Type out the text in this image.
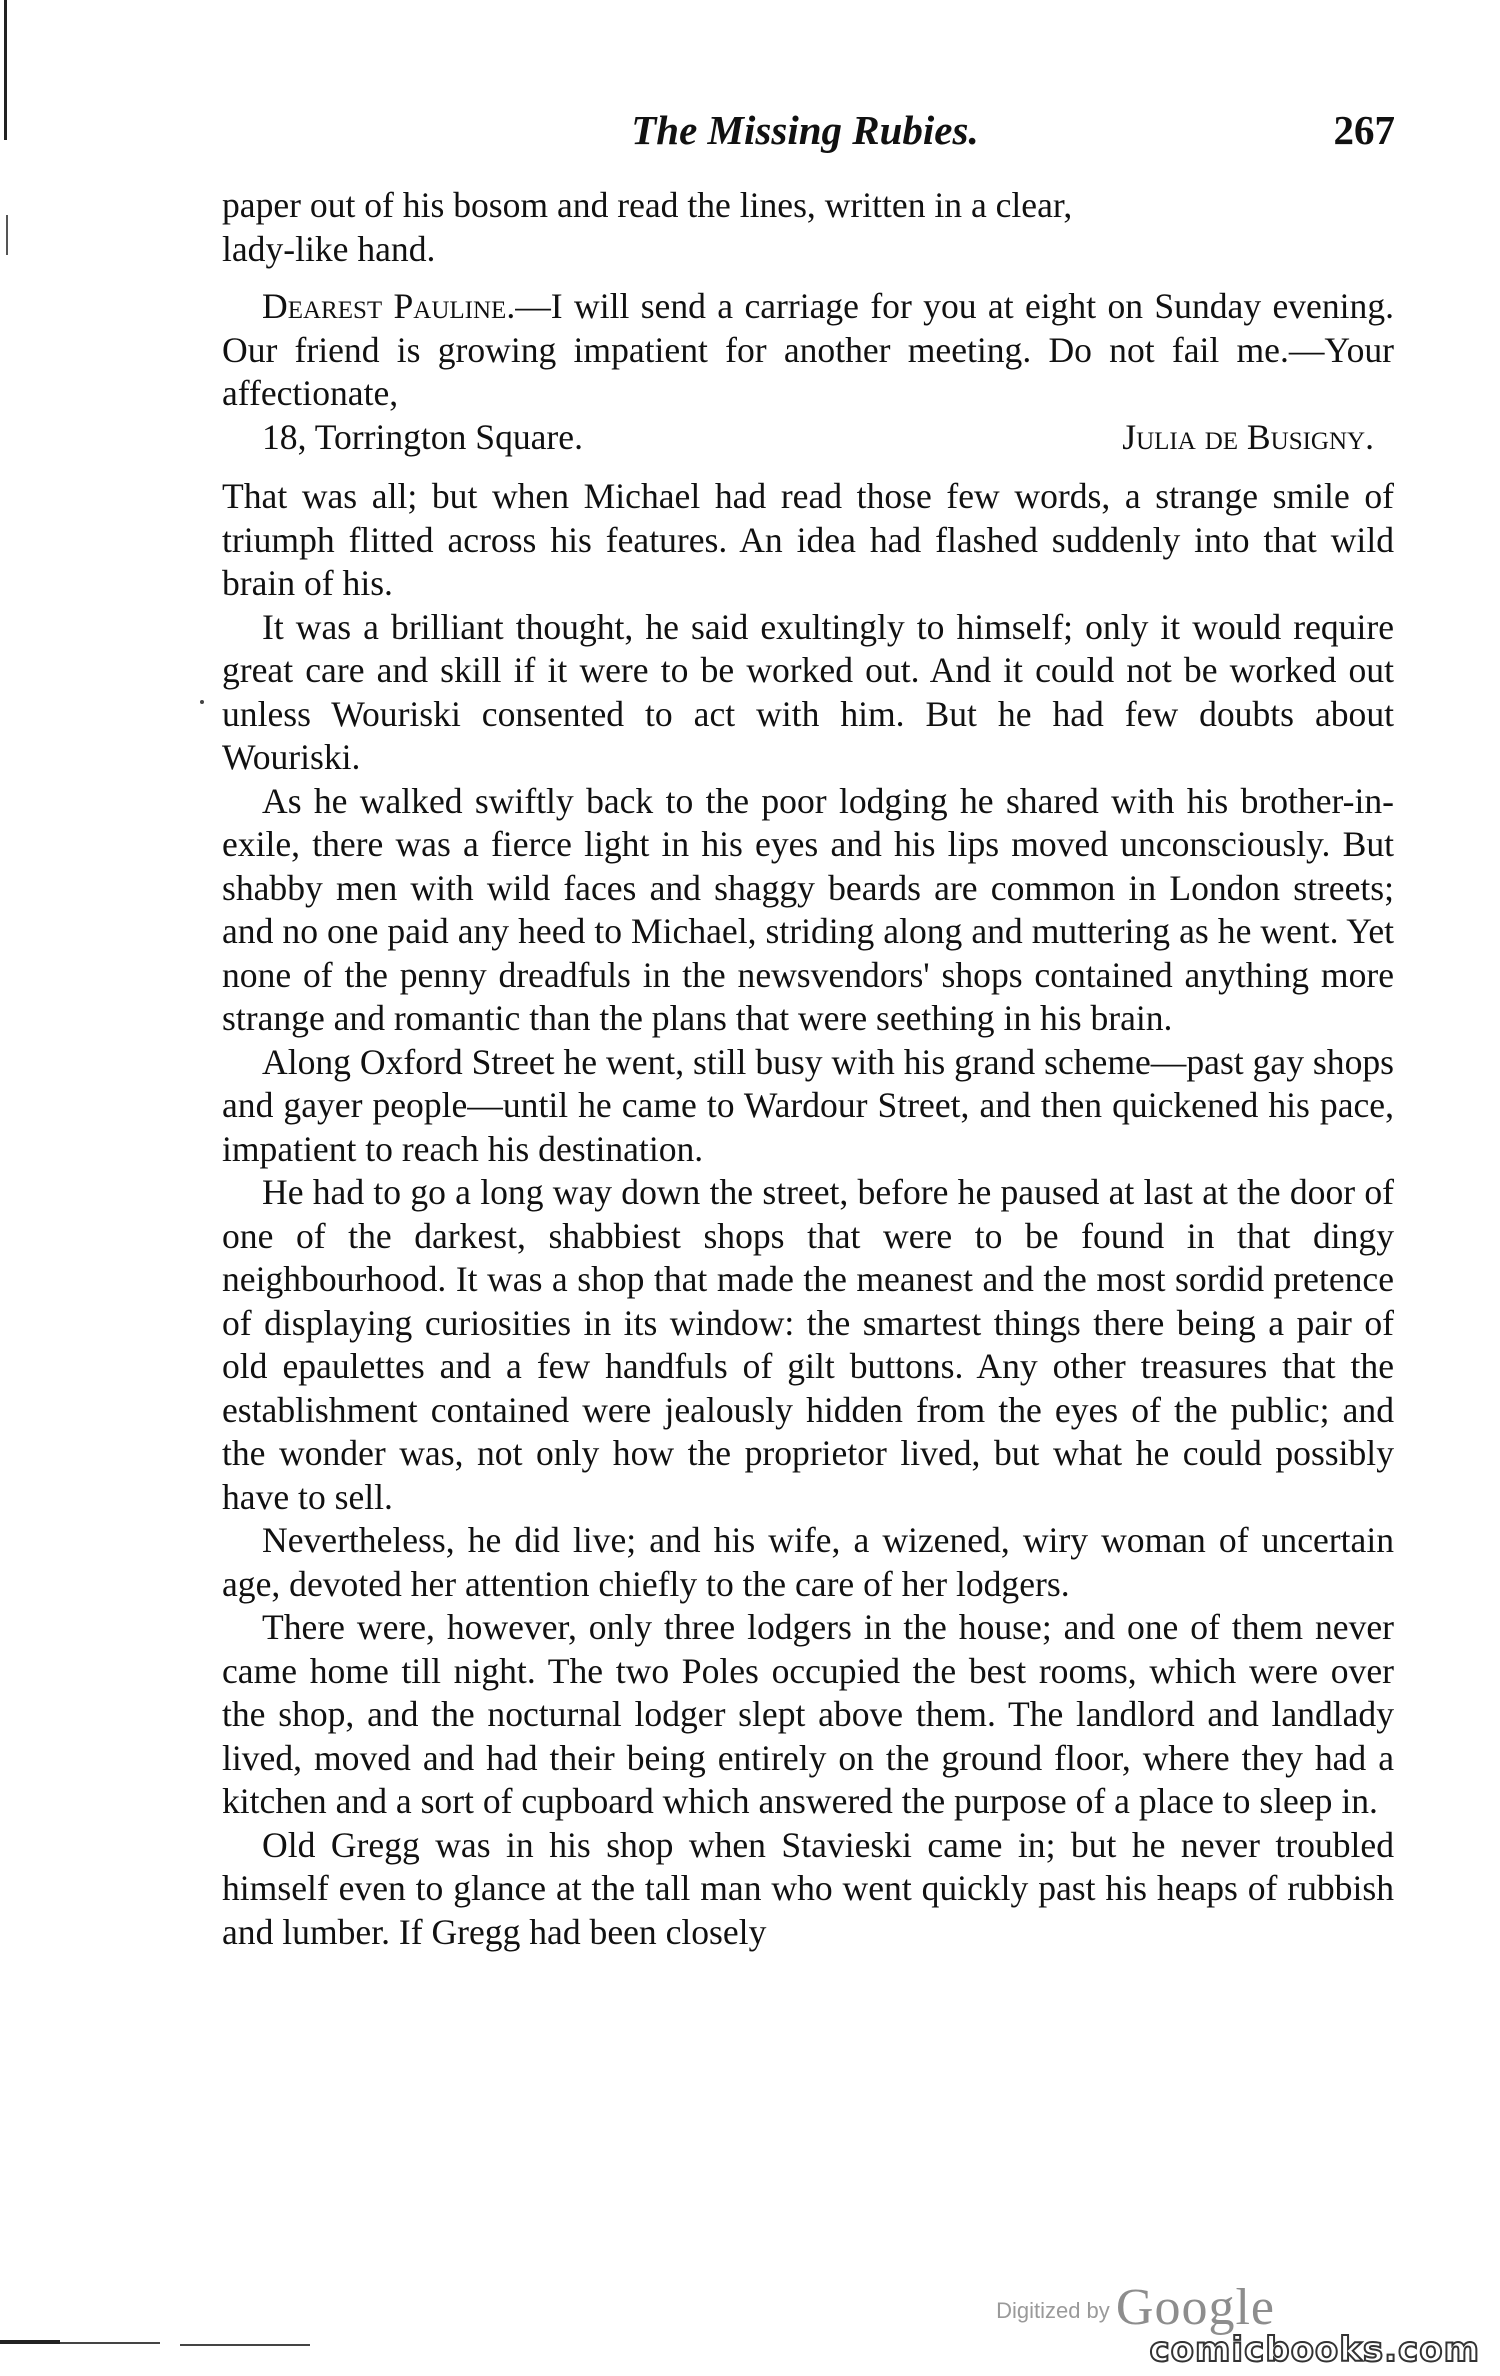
The Missing Rubies.	267

paper out of his bosom and read the lines, written in a clear,
lady-like hand.

Dearest Pauline.—I will send a carriage for you at eight on Sunday evening. Our friend is growing impatient for another meeting. Do not fail me.—Your affectionate,

18, Torrington Square.	Julia de Busigny.

That was all; but when Michael had read those few words, a strange smile of triumph flitted across his features. An idea had flashed suddenly into that wild brain of his.

It was a brilliant thought, he said exultingly to himself; only it would require great care and skill if it were to be worked out. And it could not be worked out unless Wouriski consented to act with him. But he had few doubts about Wouriski.

As he walked swiftly back to the poor lodging he shared with his brother-in-exile, there was a fierce light in his eyes and his lips moved unconsciously. But shabby men with wild faces and shaggy beards are common in London streets; and no one paid any heed to Michael, striding along and muttering as he went. Yet none of the penny dreadfuls in the newsvendors' shops contained anything more strange and romantic than the plans that were seething in his brain.

Along Oxford Street he went, still busy with his grand scheme—past gay shops and gayer people—until he came to Wardour Street, and then quickened his pace, impatient to reach his destination.

He had to go a long way down the street, before he paused at last at the door of one of the darkest, shabbiest shops that were to be found in that dingy neighbourhood. It was a shop that made the meanest and the most sordid pretence of displaying curiosities in its window: the smartest things there being a pair of old epaulettes and a few handfuls of gilt buttons. Any other treasures that the establishment contained were jealously hidden from the eyes of the public; and the wonder was, not only how the proprietor lived, but what he could possibly have to sell.

Nevertheless, he did live; and his wife, a wizened, wiry woman of uncertain age, devoted her attention chiefly to the care of her lodgers.

There were, however, only three lodgers in the house; and one of them never came home till night. The two Poles occupied the best rooms, which were over the shop, and the nocturnal lodger slept above them. The landlord and landlady lived, moved and had their being entirely on the ground floor, where they had a kitchen and a sort of cupboard which answered the purpose of a place to sleep in.

Old Gregg was in his shop when Stavieski came in; but he never troubled himself even to glance at the tall man who went quickly past his heaps of rubbish and lumber. If Gregg had been closely

Digitized by Google
comicbooks.com
